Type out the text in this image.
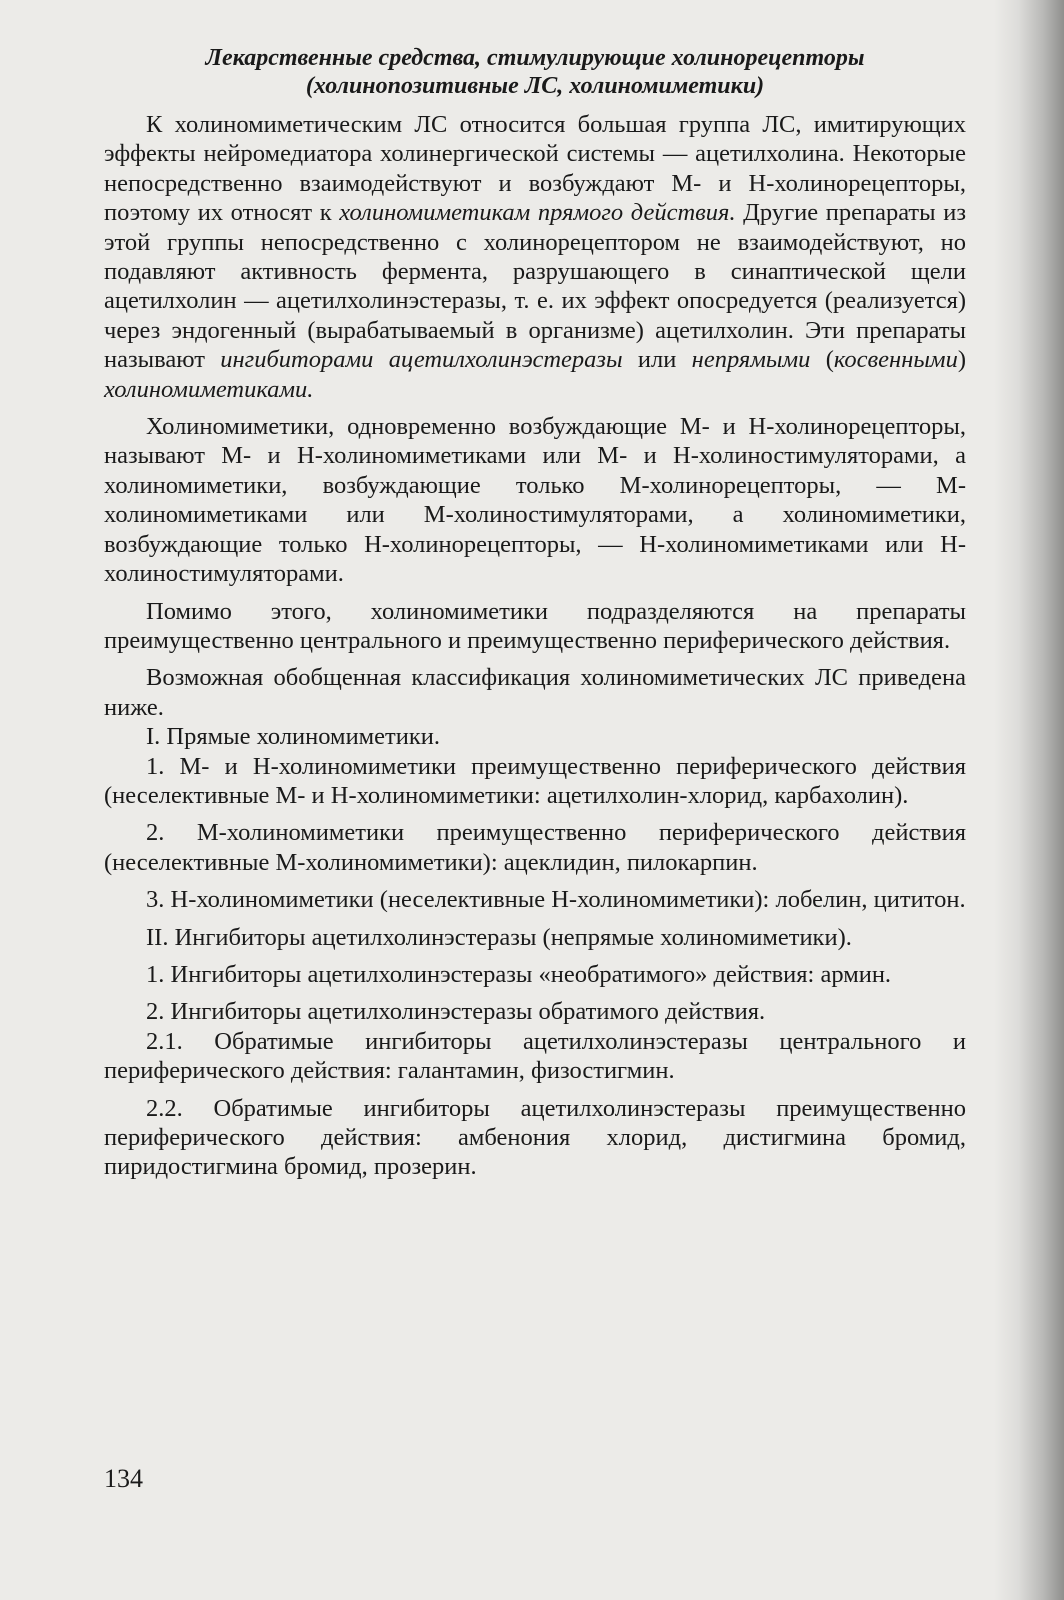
Лекарственные средства, стимулирующие холинорецепторы
(холинопозитивные ЛС, холиномиметики)

К холиномиметическим ЛС относится большая группа ЛС, имитирующих эффекты нейромедиатора холинергической системы — ацетилхолина. Некоторые непосредственно взаимодействуют и возбуждают М- и Н-холинорецепторы, поэтому их относят к холиномиметикам прямого действия. Другие препараты из этой группы непосредственно с холинорецептором не взаимодействуют, но подавляют активность фермента, разрушающего в синаптической щели ацетилхолин — ацетилхолинэстеразы, т. е. их эффект опосредуется (реализуется) через эндогенный (вырабатываемый в организме) ацетилхолин. Эти препараты называют ингибиторами ацетилхолинэстеразы или непрямыми (косвенными) холиномиметиками.

Холиномиметики, одновременно возбуждающие М- и Н-холинорецепторы, называют М- и Н-холиномиметиками или М- и Н-холиностимуляторами, а холиномиметики, возбуждающие только М-холинорецепторы, — М-холиномиметиками или М-холиностимуляторами, а холиномиметики, возбуждающие только Н-холинорецепторы, — Н-холиномиметиками или Н-холиностимуляторами.

Помимо этого, холиномиметики подразделяются на препараты преимущественно центрального и преимущественно периферического действия.

Возможная обобщенная классификация холиномиметических ЛС приведена ниже.

I. Прямые холиномиметики.

1. М- и Н-холиномиметики преимущественно периферического действия (неселективные М- и Н-холиномиметики: ацетилхолин-хлорид, карбахолин).

2. М-холиномиметики преимущественно периферического действия (неселективные М-холиномиметики): ацеклидин, пилокарпин.

3. Н-холиномиметики (неселективные Н-холиномиметики): лобелин, цититон.

II. Ингибиторы ацетилхолинэстеразы (непрямые холиномиметики).

1. Ингибиторы ацетилхолинэстеразы «необратимого» действия: армин.

2. Ингибиторы ацетилхолинэстеразы обратимого действия.

2.1. Обратимые ингибиторы ацетилхолинэстеразы центрального и периферического действия: галантамин, физостигмин.

2.2. Обратимые ингибиторы ацетилхолинэстеразы преимущественно периферического действия: амбенония хлорид, дистигмина бромид, пиридостигмина бромид, прозерин.

134
